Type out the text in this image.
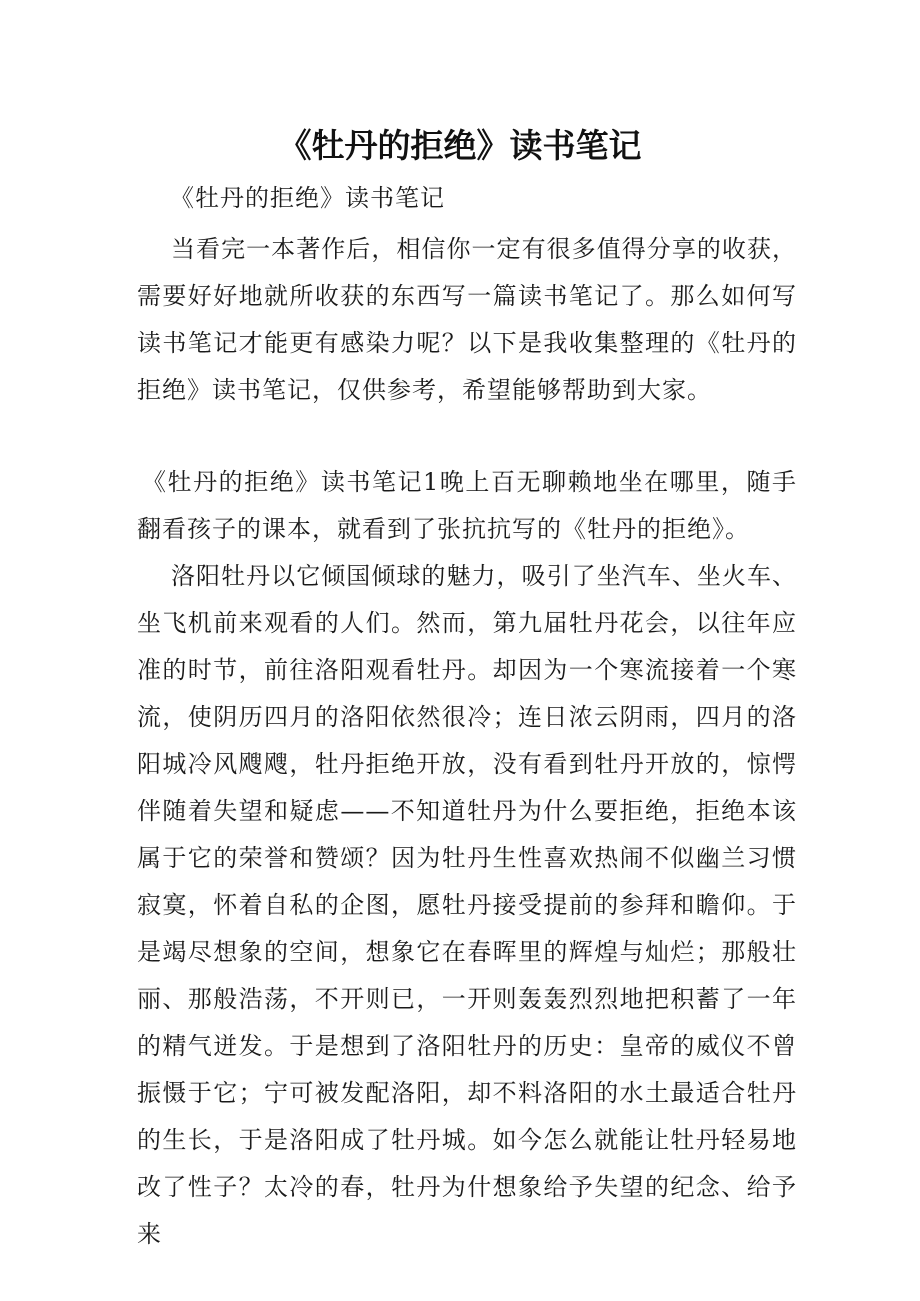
《牡丹的拒绝》读书笔记

《牡丹的拒绝》读书笔记

当看完一本著作后，相信你一定有很多值得分享的收获，需要好好地就所收获的东西写一篇读书笔记了。那么如何写读书笔记才能更有感染力呢？以下是我收集整理的《牡丹的拒绝》读书笔记，仅供参考，希望能够帮助到大家。

《牡丹的拒绝》读书笔记1晚上百无聊赖地坐在哪里，随手翻看孩子的课本，就看到了张抗抗写的《牡丹的拒绝》。

洛阳牡丹以它倾国倾球的魅力，吸引了坐汽车、坐火车、坐飞机前来观看的人们。然而，第九届牡丹花会，以往年应准的时节，前往洛阳观看牡丹。却因为一个寒流接着一个寒流，使阴历四月的洛阳依然很冷；连日浓云阴雨，四月的洛阳城冷风飕飕，牡丹拒绝开放，没有看到牡丹开放的，惊愕伴随着失望和疑虑——不知道牡丹为什么要拒绝，拒绝本该属于它的荣誉和赞颂？因为牡丹生性喜欢热闹不似幽兰习惯寂寞，怀着自私的企图，愿牡丹接受提前的参拜和瞻仰。于是竭尽想象的空间，想象它在春晖里的辉煌与灿烂；那般壮丽、那般浩荡，不开则已，一开则轰轰烈烈地把积蓄了一年的精气迸发。于是想到了洛阳牡丹的历史：皇帝的威仪不曾振慑于它；宁可被发配洛阳，却不料洛阳的水土最适合牡丹的生长，于是洛阳成了牡丹城。如今怎么就能让牡丹轻易地改了性子？太冷的春，牡丹为什想象给予失望的纪念、给予来
